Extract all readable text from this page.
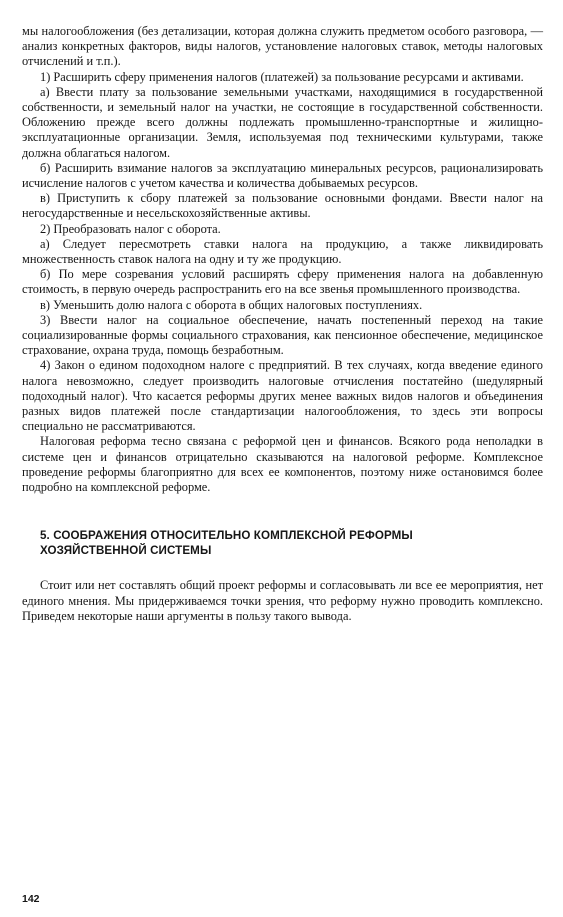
мы налогообложения (без детализации, которая должна служить предметом особого разговора, — анализ конкретных факторов, виды налогов, установление налоговых ставок, методы налоговых отчислений и т.п.).

1) Расширить сферу применения налогов (платежей) за пользование ресурсами и активами.

а) Ввести плату за пользование земельными участками, находящимися в государственной собственности, и земельный налог на участки, не состоящие в государственной собственности. Обложению прежде всего должны подлежать промышленно-транспортные и жилищно-эксплуатационные организации. Земля, используемая под техническими культурами, также должна облагаться налогом.

б) Расширить взимание налогов за эксплуатацию минеральных ресурсов, рационализировать исчисление налогов с учетом качества и количества добываемых ресурсов.

в) Приступить к сбору платежей за пользование основными фондами. Ввести налог на негосударственные и несельскохозяйственные активы.

2) Преобразовать налог с оборота.

а) Следует пересмотреть ставки налога на продукцию, а также ликвидировать множественность ставок налога на одну и ту же продукцию.

б) По мере созревания условий расширять сферу применения налога на добавленную стоимость, в первую очередь распространить его на все звенья промышленного производства.

в) Уменьшить долю налога с оборота в общих налоговых поступлениях.

3) Ввести налог на социальное обеспечение, начать постепенный переход на такие социализированные формы социального страхования, как пенсионное обеспечение, медицинское страхование, охрана труда, помощь безработным.

4) Закон о едином подоходном налоге с предприятий. В тех случаях, когда введение единого налога невозможно, следует производить налоговые отчисления постатейно (шедулярный подоходный налог). Что касается реформы других менее важных видов налогов и объединения разных видов платежей после стандартизации налогообложения, то здесь эти вопросы специально не рассматриваются.

Налоговая реформа тесно связана с реформой цен и финансов. Всякого рода неполадки в системе цен и финансов отрицательно сказываются на налоговой реформе. Комплексное проведение реформы благоприятно для всех ее компонентов, поэтому ниже остановимся более подробно на комплексной реформе.

5. СООБРАЖЕНИЯ ОТНОСИТЕЛЬНО КОМПЛЕКСНОЙ РЕФОРМЫ
ХОЗЯЙСТВЕННОЙ СИСТЕМЫ

Стоит или нет составлять общий проект реформы и согласовывать ли все ее мероприятия, нет единого мнения. Мы придерживаемся точки зрения, что реформу нужно проводить комплексно. Приведем некоторые наши аргументы в пользу такого вывода.

142
